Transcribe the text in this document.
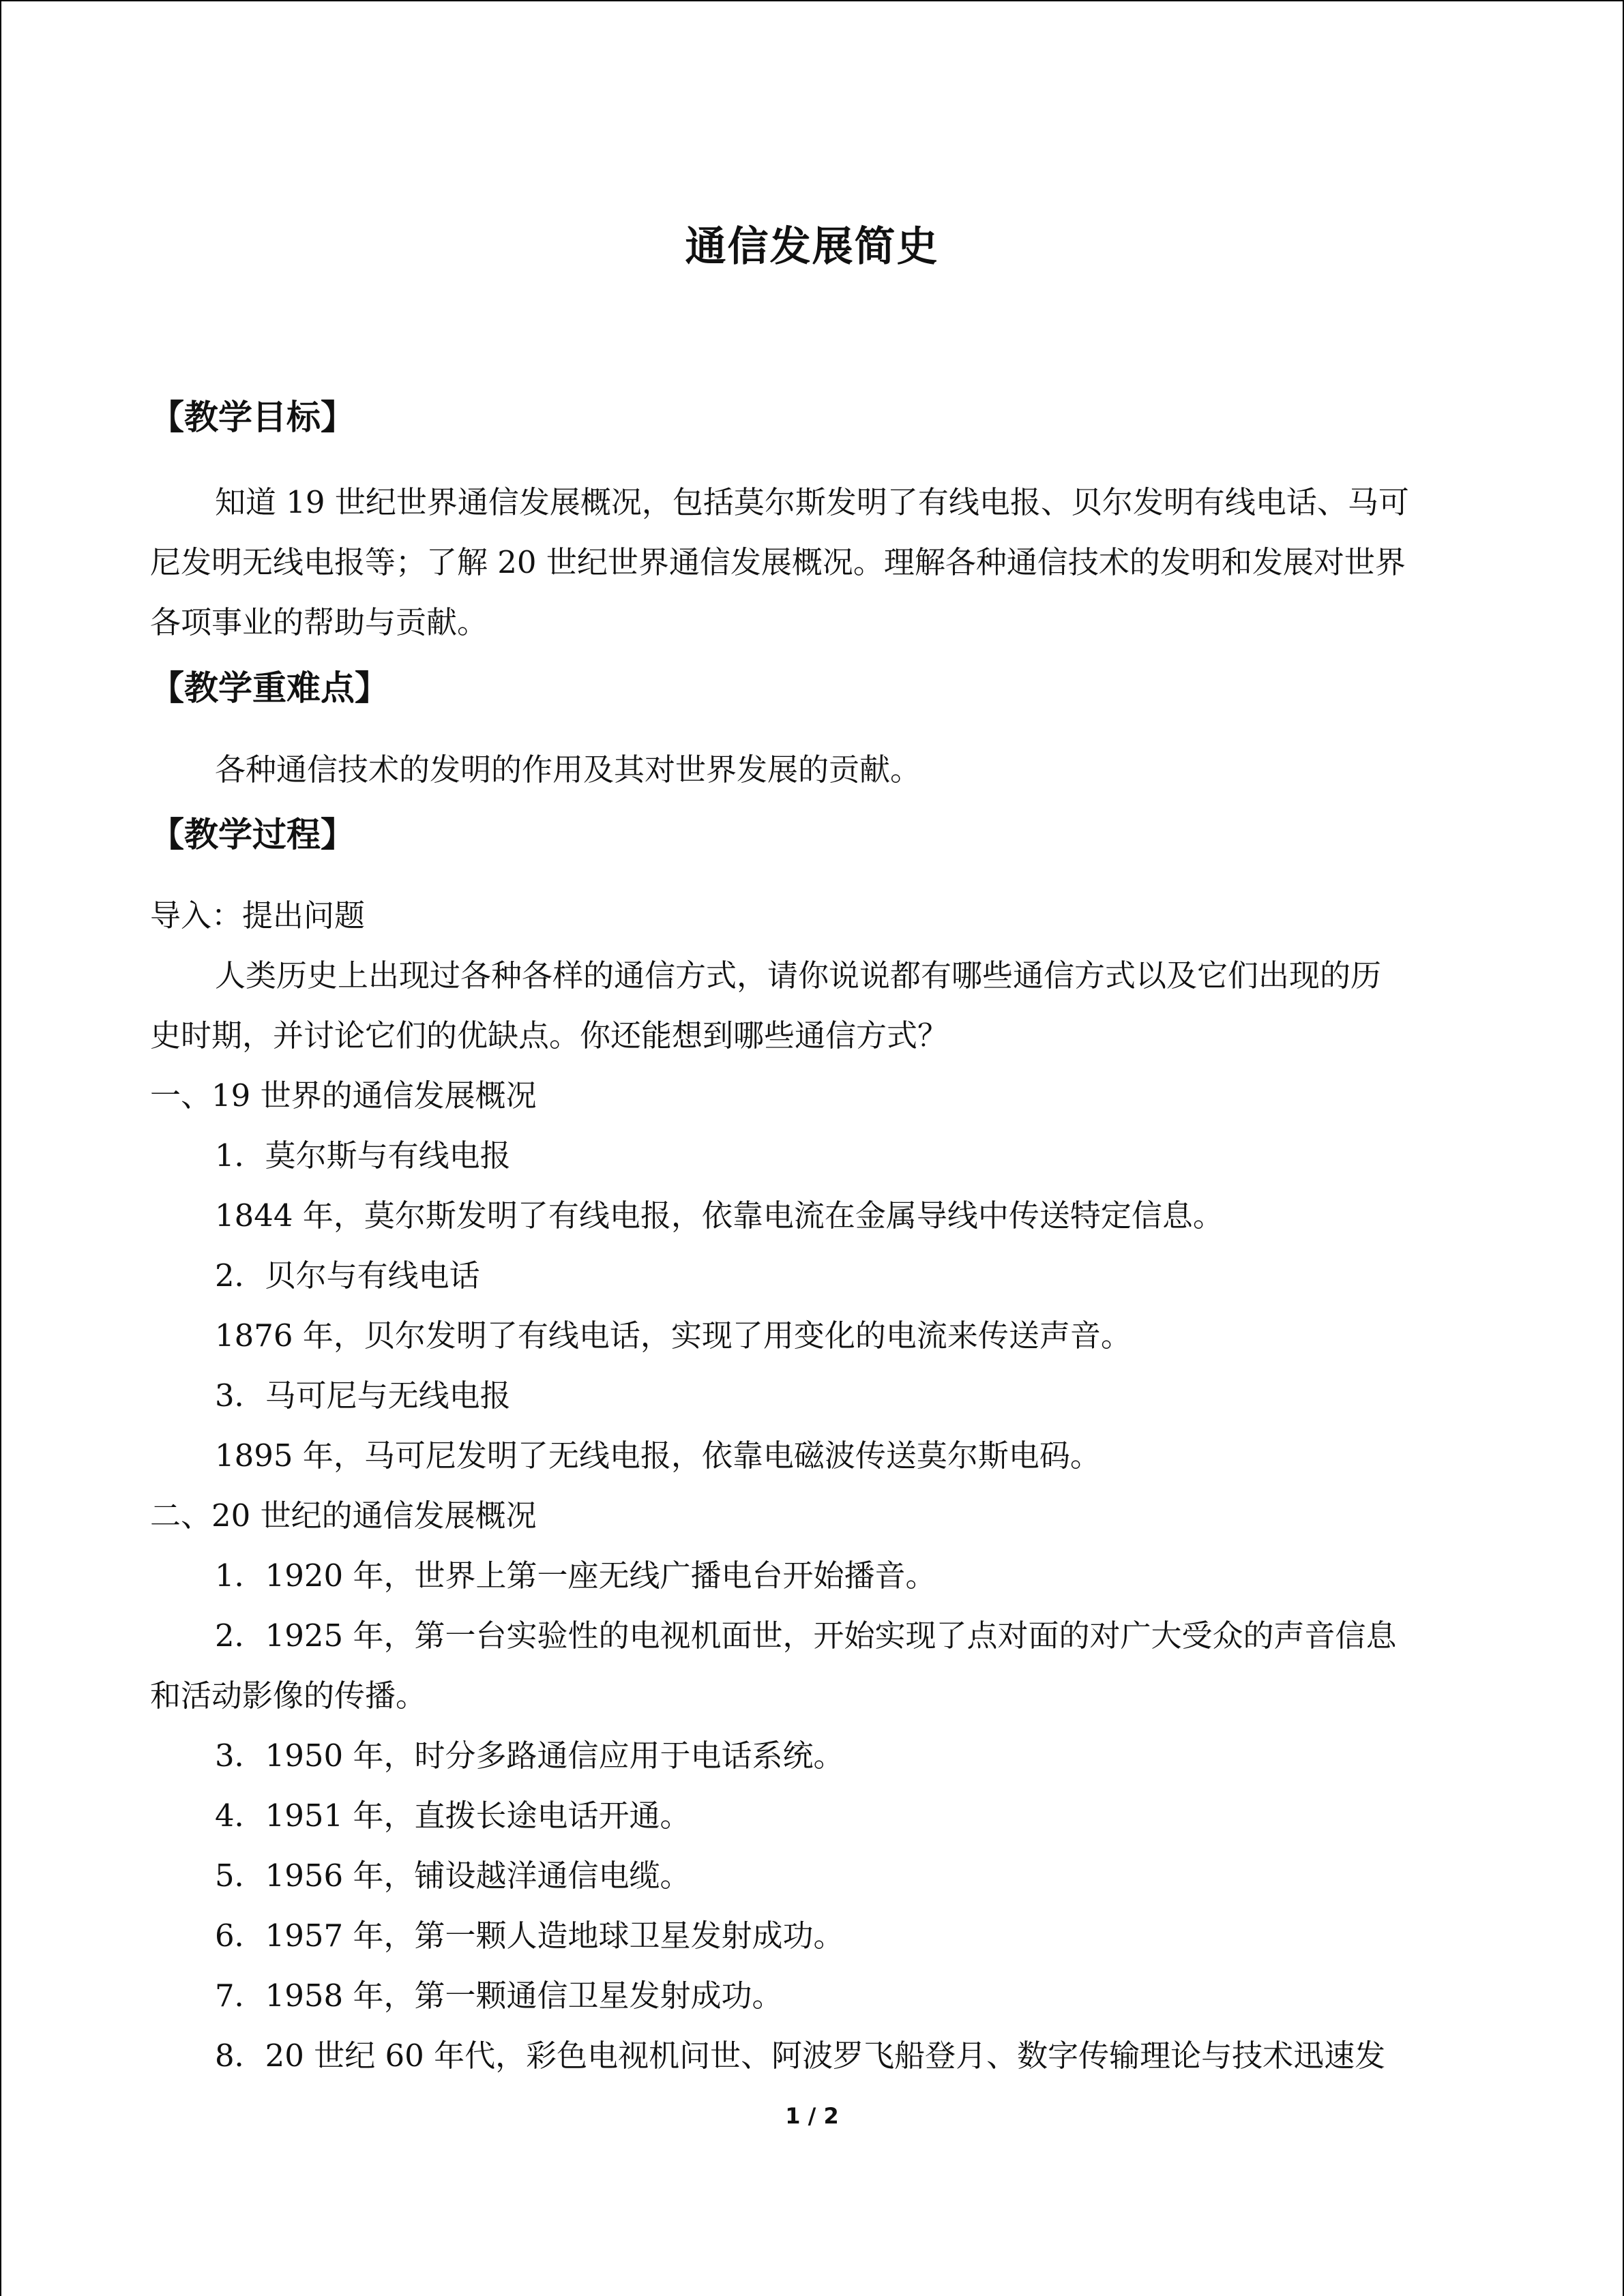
通信发展简史
【教学目标】
知道 19 世纪世界通信发展概况，包括莫尔斯发明了有线电报、贝尔发明有线电话、马可
尼发明无线电报等；了解 20 世纪世界通信发展概况。理解各种通信技术的发明和发展对世界
各项事业的帮助与贡献。
【教学重难点】
各种通信技术的发明的作用及其对世界发展的贡献。
【教学过程】
导入：提出问题
人类历史上出现过各种各样的通信方式，请你说说都有哪些通信方式以及它们出现的历
史时期，并讨论它们的优缺点。你还能想到哪些通信方式？
一、19 世界的通信发展概况
1．莫尔斯与有线电报
1844 年，莫尔斯发明了有线电报，依靠电流在金属导线中传送特定信息。
2．贝尔与有线电话
1876 年，贝尔发明了有线电话，实现了用变化的电流来传送声音。
3．马可尼与无线电报
1895 年，马可尼发明了无线电报，依靠电磁波传送莫尔斯电码。
二、20 世纪的通信发展概况
1．1920 年，世界上第一座无线广播电台开始播音。
2．1925 年，第一台实验性的电视机面世，开始实现了点对面的对广大受众的声音信息
和活动影像的传播。
3．1950 年，时分多路通信应用于电话系统。
4．1951 年，直拨长途电话开通。
5．1956 年，铺设越洋通信电缆。
6．1957 年，第一颗人造地球卫星发射成功。
7．1958 年，第一颗通信卫星发射成功。
8．20 世纪 60 年代，彩色电视机问世、阿波罗飞船登月、数字传输理论与技术迅速发
1 / 2
